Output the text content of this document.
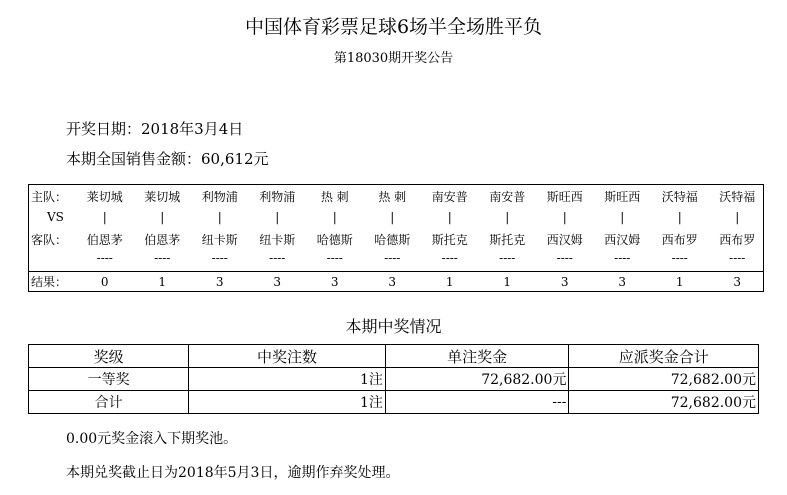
中国体育彩票足球6场半全场胜平负
第18030期开奖公告
开奖日期：2018年3月4日
本期全国销售金额：60,612元
主队：	莱切城	莱切城	利物浦	利物浦	热 刺	热 刺	南安普	南安普	斯旺西	斯旺西	沃特福	沃特福
VS	|	|	|	|	|	|	|	|	|	|	|	|
客队：	伯恩茅	伯恩茅	纽卡斯	纽卡斯	哈德斯	哈德斯	斯托克	斯托克	西汉姆	西汉姆	西布罗	西布罗
----	----	----	----	----	----	----	----	----	----	----	----
结果：	0	1	3	3	3	3	1	1	3	3	1	3
本期中奖情况
奖级	中奖注数	单注奖金	应派奖金合计
一等奖	1注	72,682.00元	72,682.00元
合计	1注	---	72,682.00元
0.00元奖金滚入下期奖池。
本期兑奖截止日为2018年5月3日，逾期作弃奖处理。
